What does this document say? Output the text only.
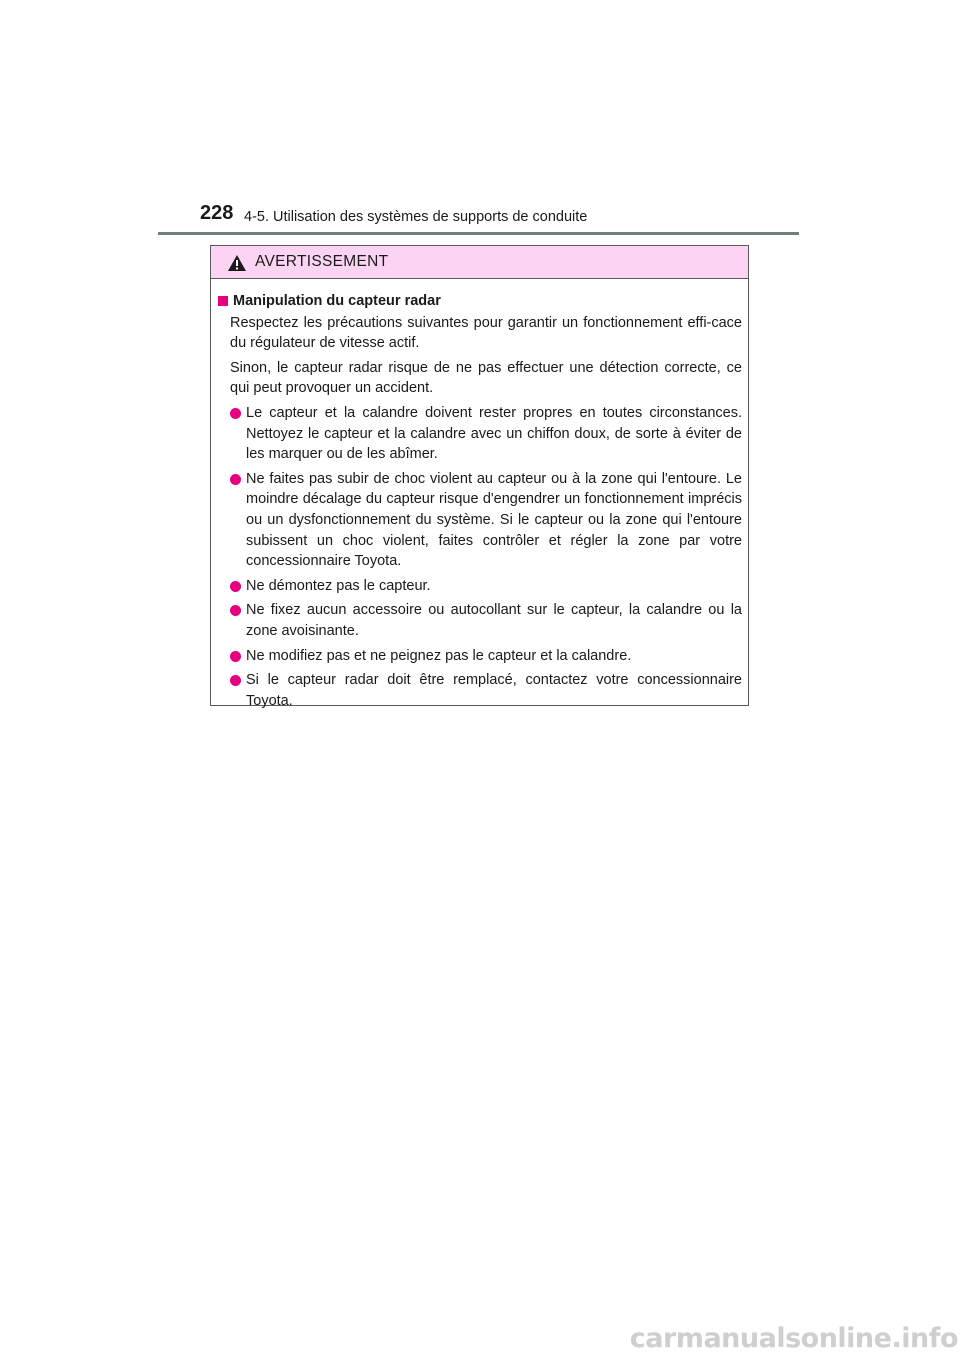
228 4-5. Utilisation des systèmes de supports de conduite
AVERTISSEMENT
Manipulation du capteur radar

Respectez les précautions suivantes pour garantir un fonctionnement effi-cace du régulateur de vitesse actif.

Sinon, le capteur radar risque de ne pas effectuer une détection correcte, ce qui peut provoquer un accident.

Le capteur et la calandre doivent rester propres en toutes circonstances. Nettoyez le capteur et la calandre avec un chiffon doux, de sorte à éviter de les marquer ou de les abîmer.
Ne faites pas subir de choc violent au capteur ou à la zone qui l'entoure. Le moindre décalage du capteur risque d'engendrer un fonctionnement imprécis ou un dysfonctionnement du système. Si le capteur ou la zone qui l'entoure subissent un choc violent, faites contrôler et régler la zone par votre concessionnaire Toyota.
Ne démontez pas le capteur.
Ne fixez aucun accessoire ou autocollant sur le capteur, la calandre ou la zone avoisinante.
Ne modifiez pas et ne peignez pas le capteur et la calandre.
Si le capteur radar doit être remplacé, contactez votre concessionnaire Toyota.
carmanualsonline.info
